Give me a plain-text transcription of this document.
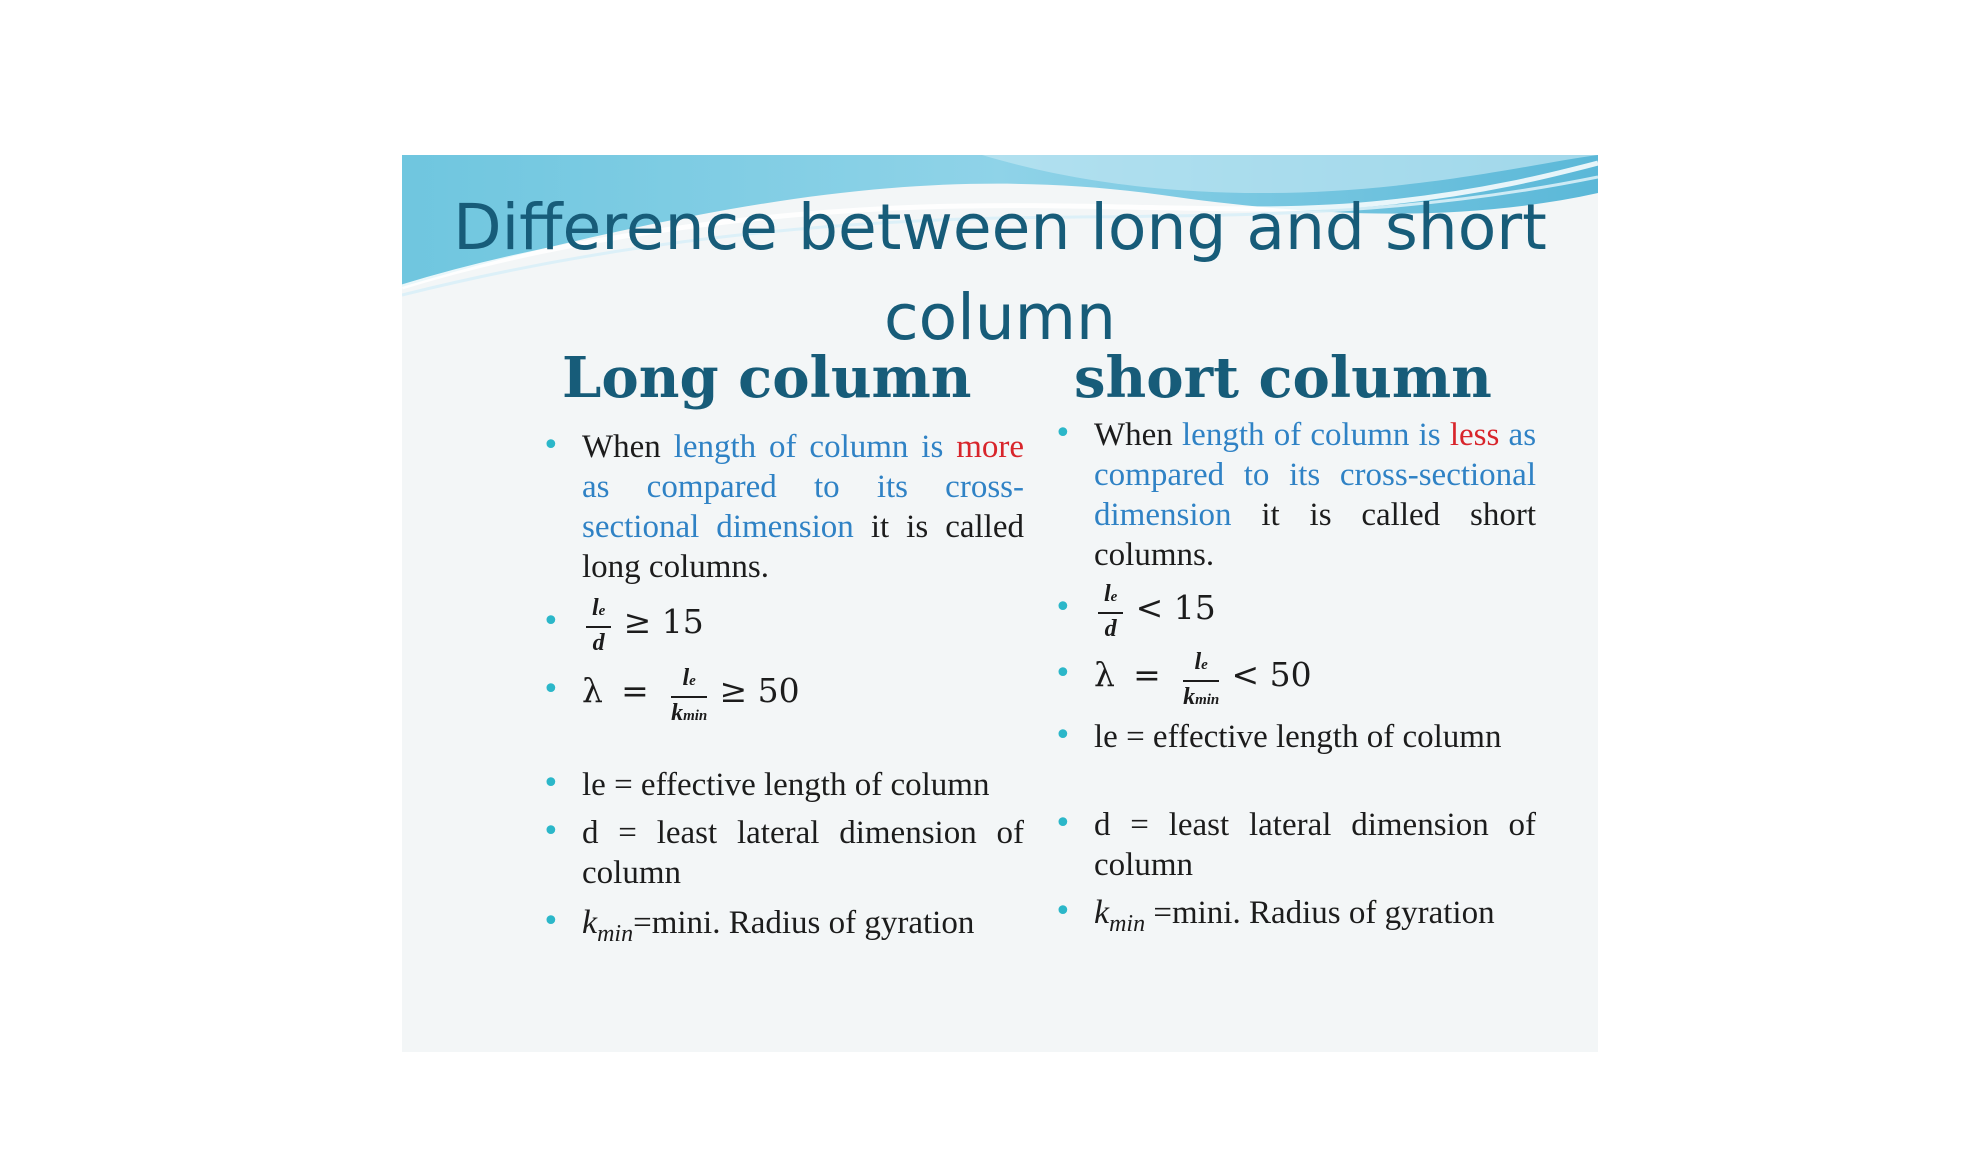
Difference between long and short column
Long column short column
• When length of column is more as compared to its cross-sectional dimension it is called long columns.
• $\frac{le}{d} \ge 15$
• $\lambda = \frac{le}{kmin} \ge 50$
• le = effective length of column
• d = least lateral dimension of column
• $k_{min}=\min i$. Radius of gyration
• When length of column is less as compared to its cross-sectional dimension it is called short columns.
• $\frac{le}{d} < 15$
• $\lambda = \frac{le}{kmin} < 50$
• le = effective length of column
• d = least lateral dimension of column
• $k_{min} =\min i$. Radius of gyration
